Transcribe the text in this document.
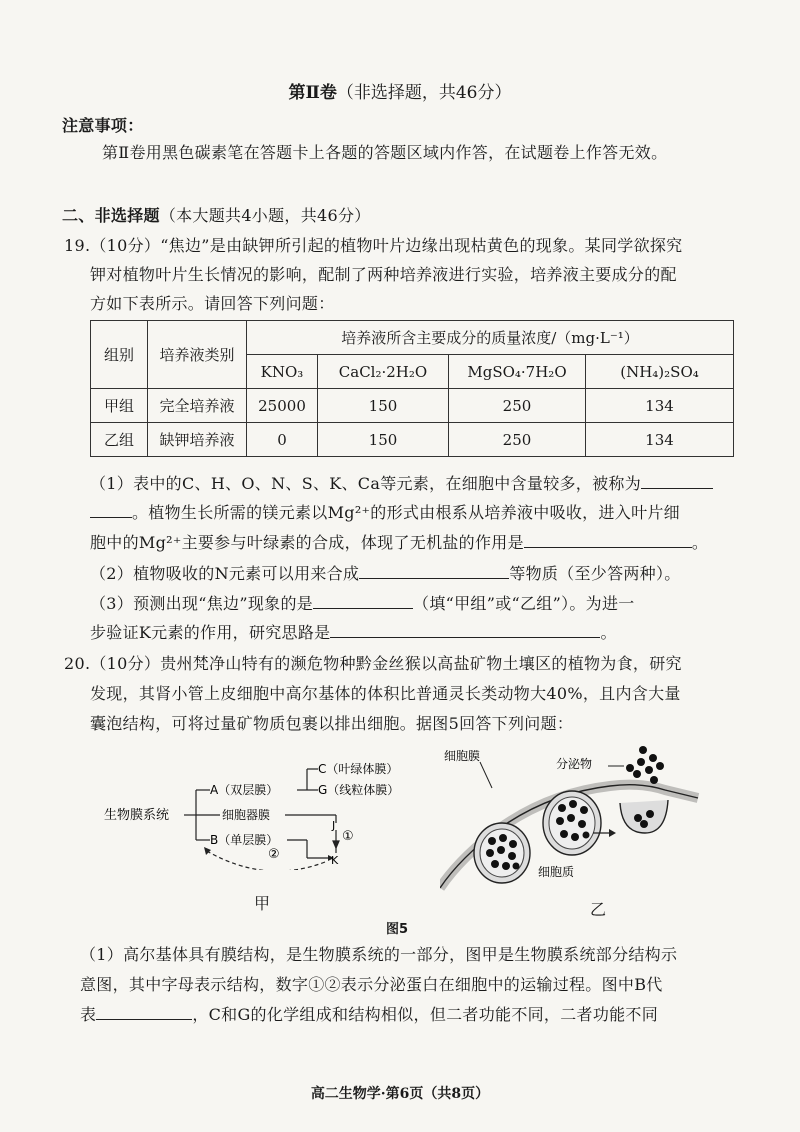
第Ⅱ卷（非选择题，共46分）
注意事项：
第Ⅱ卷用黑色碳素笔在答题卡上各题的答题区域内作答，在试题卷上作答无效。
二、非选择题（本大题共4小题，共46分）
19.（10分）“焦边”是由缺钾所引起的植物叶片边缘出现枯黄色的现象。某同学欲探究
钾对植物叶片生长情况的影响，配制了两种培养液进行实验，培养液主要成分的配
方如下表所示。请回答下列问题：
组别	培养液类别	培养液所含主要成分的质量浓度/（mg·L⁻¹）			
		KNO₃	CaCl₂·2H₂O	MgSO₄·7H₂O	(NH₄)₂SO₄
甲组	完全培养液	25000	150	250	134
乙组	缺钾培养液	0	150	250	134
（1）表中的C、H、O、N、S、K、Ca等元素，在细胞中含量较多，被称为
。植物生长所需的镁元素以Mg²⁺的形式由根系从培养液中吸收，进入叶片细
胞中的Mg²⁺主要参与叶绿素的合成，体现了无机盐的作用是	。
（2）植物吸收的N元素可以用来合成	等物质（至少答两种）。
（3）预测出现“焦边”现象的是	（填“甲组”或“乙组”）。为进一
步验证K元素的作用，研究思路是	。
20.（10分）贵州梵净山特有的濒危物种黔金丝猴以高盐矿物土壤区的植物为食，研究
发现，其肾小管上皮细胞中高尔基体的体积比普通灵长类动物大40%，且内含大量
囊泡结构，可将过量矿物质包裹以排出细胞。据图5回答下列问题：
生物膜系统
A（双层膜）
细胞器膜
B（单层膜）
C（叶绿体膜）
G（线粒体膜）
J
K
①
②
甲
细胞膜
分泌物
细胞质
乙
图5
（1）高尔基体具有膜结构，是生物膜系统的一部分，图甲是生物膜系统部分结构示
意图，其中字母表示结构，数字①②表示分泌蛋白在细胞中的运输过程。图中B代
表	，C和G的化学组成和结构相似，但二者功能不同，二者功能不同
高二生物学·第6页（共8页）
